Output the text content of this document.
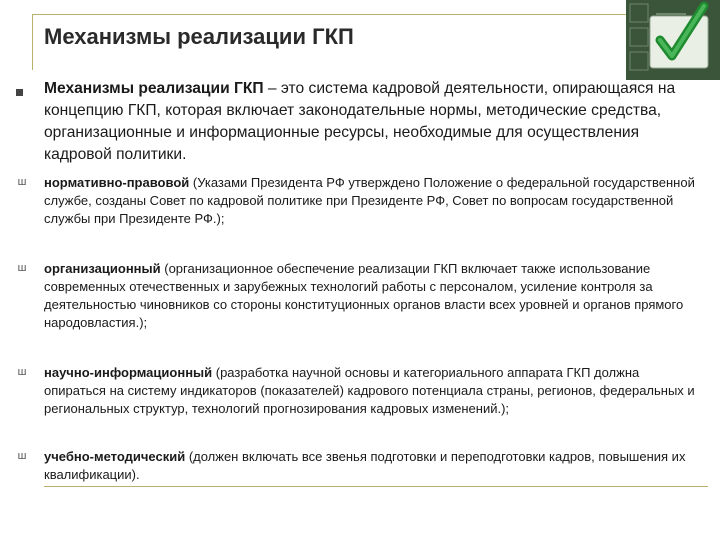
Механизмы реализации ГКП
Механизмы реализации ГКП – это система кадровой деятельности, опирающаяся на концепцию ГКП, которая включает законодательные нормы, методические средства, организационные и информационные ресурсы, необходимые для осуществления кадровой политики.
ш нормативно-правовой (Указами Президента РФ утверждено Положение о федеральной государственной службе, созданы Совет по кадровой политике при Президенте РФ, Совет по вопросам государственной службы при Президенте РФ.);
ш организационный (организационное обеспечение реализации ГКП включает также использование современных отечественных и зарубежных технологий работы с персоналом, усиление контроля за деятельностью чиновников со стороны конституционных органов власти всех уровней и органов прямого народовластия.);
ш научно-информационный (разработка научной основы и категориального аппарата ГКП должна опираться на систему индикаторов (показателей) кадрового потенциала страны, регионов, федеральных и региональных структур, технологий прогнозирования кадровых изменений.);
ш учебно-методический (должен включать все звенья подготовки и переподготовки кадров, повышения их квалификации).
